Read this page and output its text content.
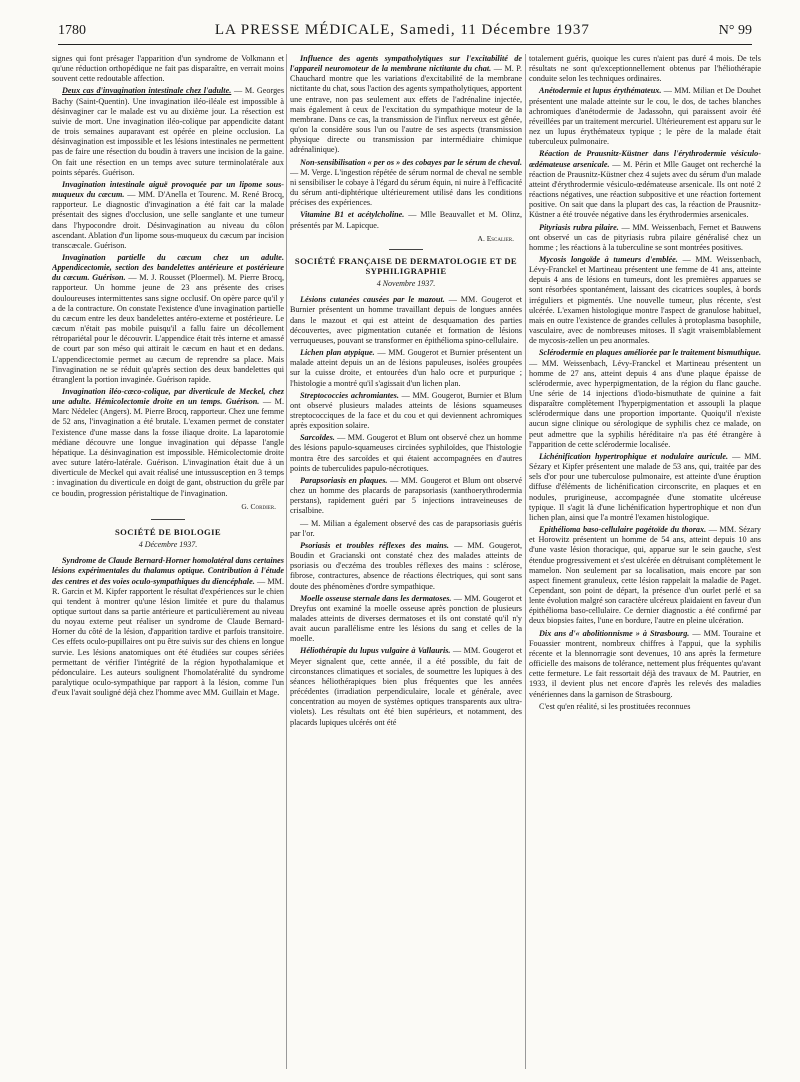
1780	LA PRESSE MÉDICALE, Samedi, 11 Décembre 1937	N° 99

signes qui font présager l'apparition d'un syndrome de Volkmann et qu'une réduction orthopédique ne fait pas disparaître, en verrait moins souvent cette redoutable affection.

Deux cas d'invagination intestinale chez l'adulte. — M. Georges Bachy (Saint-Quentin). Une invagination iléo-iléale est impossible à désinvaginer car le malade est vu au dixième jour. La résection est suivie de mort. Une invagination iléo-colique par appendicite datant de trois semaines auparavant est opérée en pleine occlusion. La désinvagination est impossible et les lésions intestinales ne permettent pas de faire une résection du boudin à travers une incision de la gaine. On fait une résection en un temps avec suture terminolatérale aux points séparés. Guérison.

Invagination intestinale aiguë provoquée par un lipome sous-muqueux du cæcum. — MM. D'Anella et Tourenc. M. René Brocq, rapporteur. Le diagnostic d'invagination a été fait car la malade présentait des signes d'occlusion, une selle sanglante et une tumeur dans l'hypocondre droit. Désinvagination au niveau du côlon ascendant. Ablation d'un lipome sous-muqueux du cæcum par incision transcæcale. Guérison.

Invagination partielle du cæcum chez un adulte. Appendicectomie, section des bandelettes antérieure et postérieure du cæcum. Guérison. — M. J. Rousset (Ploermel). M. Pierre Brocq, rapporteur. Un homme jeune de 23 ans présente des crises douloureuses intermittentes sans signe occlusif. On opère parce qu'il y a de la contracture. On constate l'existence d'une invagination partielle du cæcum entre les deux bandelettes antéro-externe et postérieure. Le cæcum n'était pas mobile puisqu'il a fallu faire un décollement rétropariétal pour le découvrir. L'appendice était très interne et amassé de court par son méso qui attirait le cæcum en haut et en dedans. L'appendicectomie permet au cæcum de reprendre sa place. Mais l'invagination ne se réduit qu'après section des deux bandelettes qui étranglent la portion invaginée. Guérison rapide.

Invagination iléo-cæco-colique, par diverticule de Meckel, chez une adulte. Hémicolectomie droite en un temps. Guérison. — M. Marc Nédelec (Angers). M. Pierre Brocq, rapporteur. Chez une femme de 52 ans, l'invagination a été brutale. L'examen permet de constater l'existence d'une masse dans la fosse iliaque droite. La laparotomie médiane découvre une longue invagination qui dépasse l'angle hépatique. La désinvagination est impossible. Hémicolectomie droite avec suture latéro-latérale. Guérison. L'invagination était due à un diverticule de Meckel qui avait réalisé une intussusception en 3 temps : invagination du diverticule en doigt de gant, obstruction du grêle par ce boudin, progression péristaltique de l'invagination.

G. Cordier.
SOCIÉTÉ DE BIOLOGIE
4 Décembre 1937.

Syndrome de Claude Bernard-Horner homolatéral dans certaines lésions expérimentales du thalamus optique. Contribution à l'étude des centres et des voies oculo-sympathiques du diencéphale. — MM. R. Garcin et M. Kipfer rapportent le résultat d'expériences sur le chien qui tendent à montrer qu'une lésion limitée et pure du thalamus optique surtout dans sa partie antérieure et particulièrement au niveau du noyau externe peut réaliser un syndrome de Claude Bernard-Horner du côté de la lésion, d'apparition tardive et parfois transitoire. Ces effets oculo-pupillaires ont pu être suivis sur des chiens en longue survie. Les lésions anatomiques ont été étudiées sur coupes sériées permettant de vérifier l'intégrité de la région hypothalamique et pédonculaire. Les auteurs soulignent l'homolatéralité du syndrome paralytique oculo-sympathique par rapport à la lésion, comme l'un d'eux l'avait souligné déjà chez l'homme avec MM. Guillain et Mage.

Influence des agents sympatholytiques sur l'excitabilité de l'appareil neuromoteur de la membrane nictitante du chat. — M. P. Chauchard montre que les variations d'excitabilité de la membrane nictitante du chat, sous l'action des agents sympatholytiques, apportent une entrave, non pas seulement aux effets de l'adrénaline injectée, mais également à ceux de l'excitation du sympathique moteur de la membrane. Dans ce cas, la transmission de l'influx nerveux est gênée, qu'on la considère sous l'un ou l'autre de ses aspects (transmission physique directe ou transmission par intermédiaire chimique adrénalinique).

Non-sensibilisation « per os » des cobayes par le sérum de cheval. — M. Verge. L'ingestion répétée de sérum normal de cheval ne semble ni sensibiliser le cobaye à l'égard du sérum équin, ni nuire à l'efficacité du sérum anti-diphtérique ultérieurement utilisé dans les conditions précises des expériences.

Vitamine B1 et acétylcholine. — Mlle Beauvallet et M. Olinz, présentés par M. Lapicque.

A. Escalier.
SOCIÉTÉ FRANÇAISE DE DERMATOLOGIE ET DE SYPHILIGRAPHIE
4 Novembre 1937.

Lésions cutanées causées par le mazout. — MM. Gougerot et Burnier présentent un homme travaillant depuis de longues années dans le mazout et qui est atteint de desquamation des parties découvertes, avec pigmentation cutanée et formation de lésions verruqueuses, pouvant se transformer en épithélioma spino-cellulaire.

Lichen plan atypique. — MM. Gougerot et Burnier présentent un malade atteint depuis un an de lésions papuleuses, isolées groupées sur la cuisse droite, et entourées d'un halo ocre et purpurique ; l'histologie a montré qu'il s'agissait d'un lichen plan.

Streptococcies achromiantes. — MM. Gougerot, Burnier et Blum ont observé plusieurs malades atteints de lésions squameuses streptococciques de la face et du cou et qui deviennent achromiques après exposition solaire.

Sarcoïdes. — MM. Gougerot et Blum ont observé chez un homme des lésions papulo-squameuses circinées syphiloïdes, que l'histologie montra être des sarcoïdes et qui étaient accompagnées en d'autres points de tuberculides papulo-nécrotiques.

Parapsoriasis en plaques. — MM. Gougerot et Blum ont observé chez un homme des placards de parapsoriasis (xanthoerythrodermia perstans), rapidement guéri par 5 injections intraveineuses de crisalbine.

— M. Milian a également observé des cas de parapsoriasis guéris par l'or.

Psoriasis et troubles réflexes des mains. — MM. Gougerot, Boudin et Gracianski ont constaté chez des malades atteints de psoriasis ou d'eczéma des troubles réflexes des mains : sclérose, fibrose, contractures, absence de réactions électriques, qui sont sans doute des phénomènes d'ordre sympathique.

Moelle osseuse sternale dans les dermatoses. — MM. Gougerot et Dreyfus ont examiné la moelle osseuse après ponction de plusieurs malades atteints de diverses dermatoses et ils ont constaté qu'il n'y avait aucun parallélisme entre les lésions du sang et celles de la moelle.

Héliothérapie du lupus vulgaire à Vallauris. — MM. Gougerot et Meyer signalent que, cette année, il a été possible, du fait de circonstances climatiques et sociales, de soumettre les lupiques à des séances héliothérapiques bien plus fréquentes que les années précédentes (irradiation perpendiculaire, locale et générale, avec concentration au moyen de systèmes optiques transparents aux ultra-violets). Les résultats ont été bien supérieurs, et notamment, des placards lupiques ulcérés ont été

totalement guéris, quoique les cures n'aient pas duré 4 mois. De tels résultats ne sont qu'exceptionnellement obtenus par l'héliothérapie conduite selon les techniques ordinaires.

Anétodermie et lupus érythémateux. — MM. Milian et De Douhet présentent une malade atteinte sur le cou, le dos, de taches blanches achromiques d'anétodermie de Jadassohn, qui paraissent avoir été réveillées par un traitement mercuriel. Ultérieurement est apparu sur le nez un lupus érythémateux typique ; le père de la malade était tuberculeux pulmonaire.

Réaction de Prausnitz-Küstner dans l'érythrodermie vésiculo-œdémateuse arsenicale. — M. Périn et Mlle Gauget ont recherché la réaction de Prausnitz-Küstner chez 4 sujets avec du sérum d'un malade atteint d'érythrodermie vésiculo-œdémateuse arsenicale. Ils ont noté 2 réactions négatives, une réaction subpositive et une réaction fortement positive. On sait que dans la plupart des cas, la réaction de Prausnitz-Küstner a été trouvée négative dans les érythrodermies arsenicales.

Pityriasis rubra pilaire. — MM. Weissenbach, Fernet et Bauwens ont observé un cas de pityriasis rubra pilaire généralisé chez un homme ; les réactions à la tuberculine se sont montrées positives.

Mycosis longoïde à tumeurs d'emblée. — MM. Weissenbach, Lévy-Franckel et Martineau présentent une femme de 41 ans, atteinte depuis 4 ans de lésions en tumeurs, dont les premières apparues se sont résorbées spontanément, laissant des cicatrices souples, à bords irréguliers et pigmentés. Une nouvelle tumeur, plus récente, s'est ulcérée. L'examen histologique montre l'aspect de granulose habituel, mais en outre l'existence de grandes cellules à protoplasma basophile, vasculaire, avec de nombreuses mitoses. Il s'agit vraisemblablement de mycosis-zellen un peu anormales.

Sclérodermie en plaques améliorée par le traitement bismuthique. — MM. Weissenbach, Lévy-Franckel et Martineau présentent un homme de 27 ans, atteint depuis 4 ans d'une plaque épaisse de sclérodermie, avec hyperpigmentation, de la région du flanc gauche. Une série de 14 injections d'iodo-bismuthate de quinine a fait disparaître complètement l'hyperpigmentation et assoupli la plaque sclérodermique dans une proportion importante. Quoiqu'il n'existe aucun signe clinique ou sérologique de syphilis chez ce malade, on peut admettre que la syphilis héréditaire n'a pas été étrangère à l'apparition de cette sclérodermie localisée.

Lichénification hypertrophique et nodulaire auricule. — MM. Sézary et Kipfer présentent une malade de 53 ans, qui, traitée par des sels d'or pour une tuberculose pulmonaire, est atteinte d'une éruption diffuse d'éléments de lichénification circonscrite, en plaques et en nodules, prurigineuse, accompagnée d'une stomatite ulcéreuse typique. Il s'agit là d'une lichénification hypertrophique et non d'un lichen plan, ainsi que l'a montré l'examen histologique.

Epithélioma baso-cellulaire pagétoïde du thorax. — MM. Sézary et Horowitz présentent un homme de 54 ans, atteint depuis 10 ans d'une vaste lésion thoracique, qui, apparue sur le sein gauche, s'est étendue progressivement et s'est ulcérée en détruisant complètement le mamelon. Non seulement par sa localisation, mais encore par son aspect finement granuleux, cette lésion rappelait la maladie de Paget. Cependant, son point de départ, la présence d'un ourlet perlé et sa lente évolution malgré son caractère ulcéreux plaidaient en faveur d'un épithélioma baso-cellulaire. Ce dernier diagnostic a été confirmé par deux biopsies faites, l'une en bordure, l'autre en pleine ulcération.

Dix ans d'« abolitionnisme » à Strasbourg. — MM. Touraine et Fouassier montrent, nombreux chiffres à l'appui, que la syphilis récente et la blennorragie sont devenues, 10 ans après la fermeture officielle des maisons de tolérance, nettement plus fréquentes qu'avant cette fermeture. Le fait ressortait déjà des travaux de M. Pautrier, en 1933, il devient plus net encore d'après les relevés des maladies vénériennes dans la garnison de Strasbourg.

C'est qu'en réalité, si les prostituées reconnues
